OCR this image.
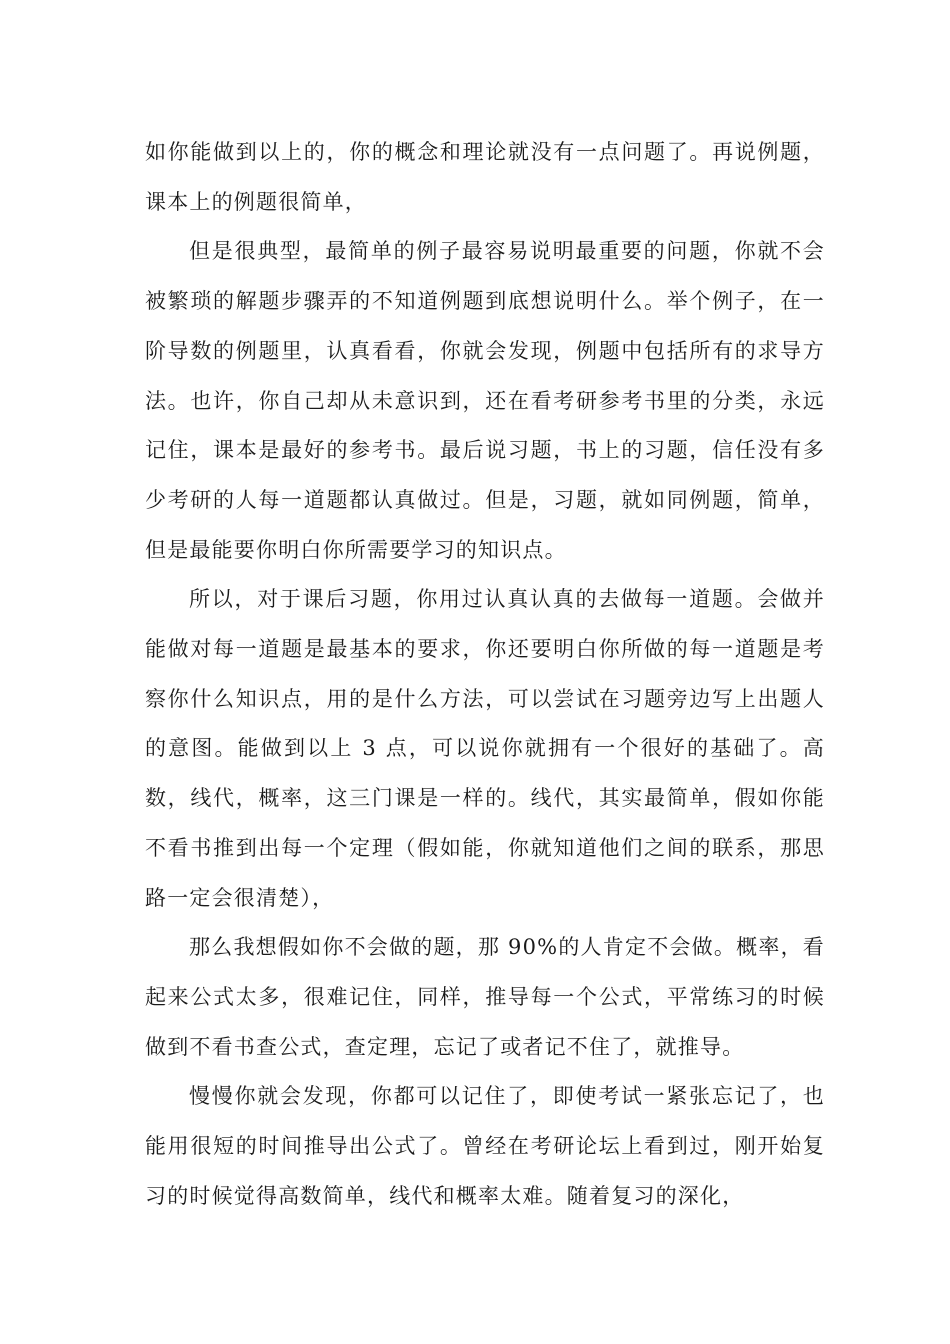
如你能做到以上的，你的概念和理论就没有一点问题了。再说例题，课本上的例题很简单，

但是很典型，最简单的例子最容易说明最重要的问题，你就不会被繁琐的解题步骤弄的不知道例题到底想说明什么。举个例子，在一阶导数的例题里，认真看看，你就会发现，例题中包括所有的求导方法。也许，你自己却从未意识到，还在看考研参考书里的分类，永远记住，课本是最好的参考书。最后说习题，书上的习题，信任没有多少考研的人每一道题都认真做过。但是，习题，就如同例题，简单，但是最能要你明白你所需要学习的知识点。

所以，对于课后习题，你用过认真认真的去做每一道题。会做并能做对每一道题是最基本的要求，你还要明白你所做的每一道题是考察你什么知识点，用的是什么方法，可以尝试在习题旁边写上出题人的意图。能做到以上 3 点，可以说你就拥有一个很好的基础了。高数，线代，概率，这三门课是一样的。线代，其实最简单，假如你能不看书推到出每一个定理（假如能，你就知道他们之间的联系，那思路一定会很清楚），

那么我想假如你不会做的题，那 90%的人肯定不会做。概率，看起来公式太多，很难记住，同样，推导每一个公式，平常练习的时候做到不看书查公式，查定理，忘记了或者记不住了，就推导。

慢慢你就会发现，你都可以记住了，即使考试一紧张忘记了，也能用很短的时间推导出公式了。曾经在考研论坛上看到过，刚开始复习的时候觉得高数简单，线代和概率太难。随着复习的深化，
